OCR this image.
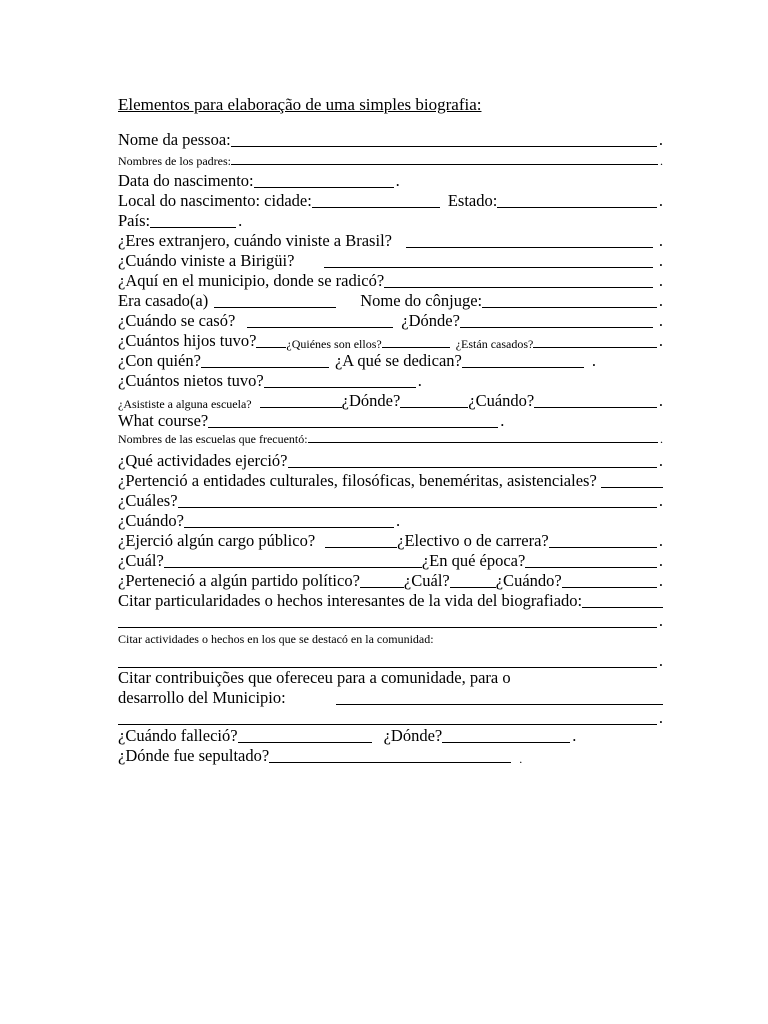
Elementos para elaboração de uma simples biografia:
Nome da pessoa:	.
Nombres de los padres:	.
Data do nascimento:	.
Local do nascimento: cidade:	Estado:	.
País:	.
¿Eres extranjero, cuándo viniste a Brasil?	.
¿Cuándo viniste a Birigüi?	.
¿Aquí en el municipio, donde se radicó?	.
Era casado(a)	Nome do cônjuge:	.
¿Cuándo se casó?	¿Dónde?	.
¿Cuántos hijos tuvo?	¿Quiénes son ellos?	¿Están casados?	.
¿Con quién?	¿A qué se dedican?	.
¿Cuántos nietos tuvo?	.
¿Asististe a alguna escuela?	¿Dónde?	¿Cuándo?	.
What course?	.
Nombres de las escuelas que frecuentó:	.
¿Qué actividades ejerció?	.
¿Pertenció a entidades culturales, filosóficas, beneméritas, asistenciales?
¿Cuáles?	.
¿Cuándo?	.
¿Ejerció algún cargo público?	¿Electivo o de carrera?	.
¿Cuál?	¿En qué época?	.
¿Perteneció a algún partido político?	¿Cuál?	¿Cuándo?	.
Citar particularidades o hechos interesantes de la vida del biografiado:
.
Citar actividades o hechos en los que se destacó en la comunidad:
.
Citar contribuições que ofereceu para a comunidade, para o
desarrollo del Municipio:
.
¿Cuándo falleció?	¿Dónde?	.
¿Dónde fue sepultado?	.
